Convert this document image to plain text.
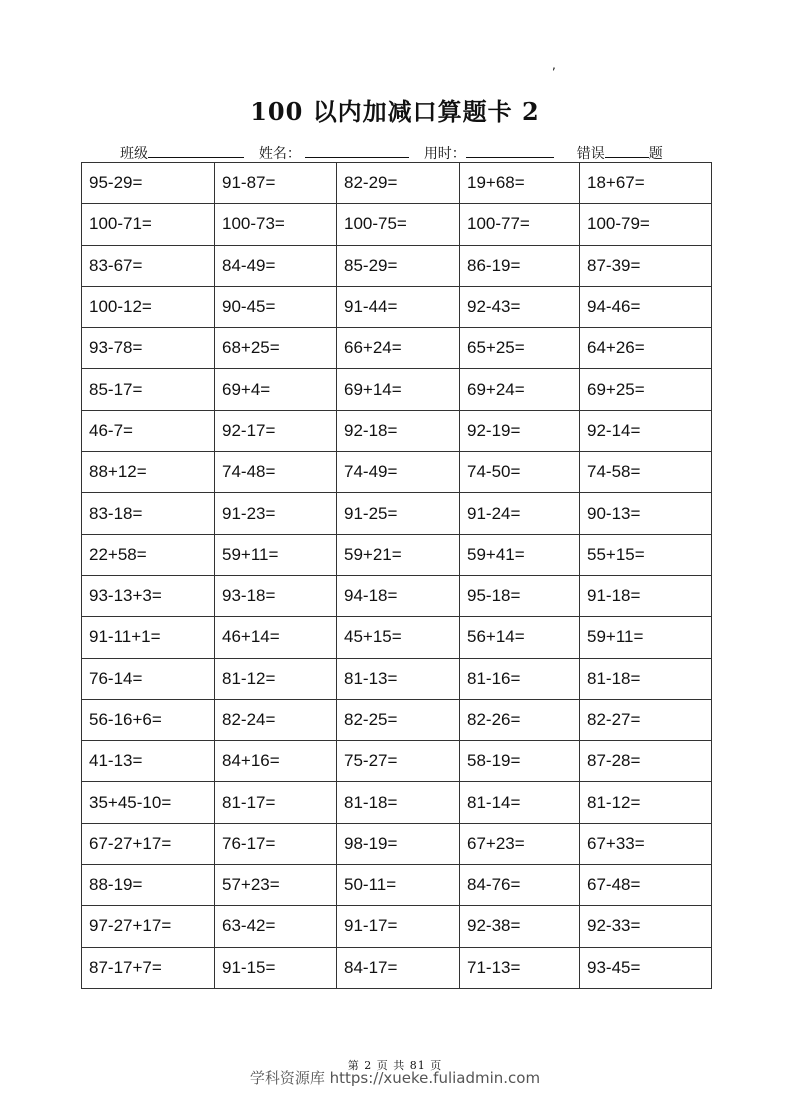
,
100 以内加减口算题卡 2
班级	姓名：	用时：	错误	题
95-29=	91-87=	82-29=	19+68=	18+67=
100-71=	100-73=	100-75=	100-77=	100-79=
83-67=	84-49=	85-29=	86-19=	87-39=
100-12=	90-45=	91-44=	92-43=	94-46=
93-78=	68+25=	66+24=	65+25=	64+26=
85-17=	69+4=	69+14=	69+24=	69+25=
46-7=	92-17=	92-18=	92-19=	92-14=
88+12=	74-48=	74-49=	74-50=	74-58=
83-18=	91-23=	91-25=	91-24=	90-13=
22+58=	59+11=	59+21=	59+41=	55+15=
93-13+3=	93-18=	94-18=	95-18=	91-18=
91-11+1=	46+14=	45+15=	56+14=	59+11=
76-14=	81-12=	81-13=	81-16=	81-18=
56-16+6=	82-24=	82-25=	82-26=	82-27=
41-13=	84+16=	75-27=	58-19=	87-28=
35+45-10=	81-17=	81-18=	81-14=	81-12=
67-27+17=	76-17=	98-19=	67+23=	67+33=
88-19=	57+23=	50-11=	84-76=	67-48=
97-27+17=	63-42=	91-17=	92-38=	92-33=
87-17+7=	91-15=	84-17=	71-13=	93-45=
第 2 页 共 81 页
学科资源库 https://xueke.fuliadmin.com
